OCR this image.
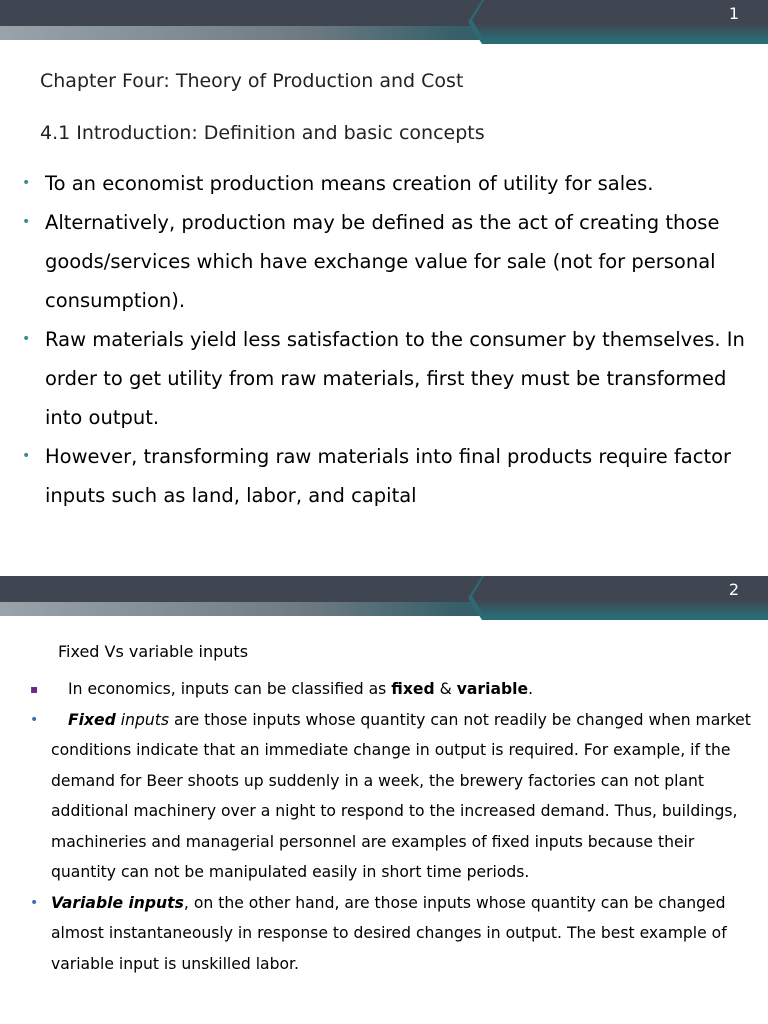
1
Chapter Four: Theory of Production and Cost
4.1 Introduction: Definition and basic concepts
• To an economist production means creation of utility for sales.
• Alternatively, production may be defined as the act of creating those goods/services which have exchange value for sale (not for personal consumption).
• Raw materials yield less satisfaction to the consumer by themselves. In order to get utility from raw materials, first they must be transformed into output.
• However, transforming raw materials into final products require factor inputs such as land, labor, and capital
2
Fixed Vs variable inputs
▪ In economics, inputs can be classified as fixed & variable.
• Fixed inputs are those inputs whose quantity can not readily be changed when market conditions indicate that an immediate change in output is required. For example, if the demand for Beer shoots up suddenly in a week, the brewery factories can not plant additional machinery over a night to respond to the increased demand. Thus, buildings, machineries and managerial personnel are examples of fixed inputs because their quantity can not be manipulated easily in short time periods.
• Variable inputs, on the other hand, are those inputs whose quantity can be changed almost instantaneously in response to desired changes in output. The best example of variable input is unskilled labor.
